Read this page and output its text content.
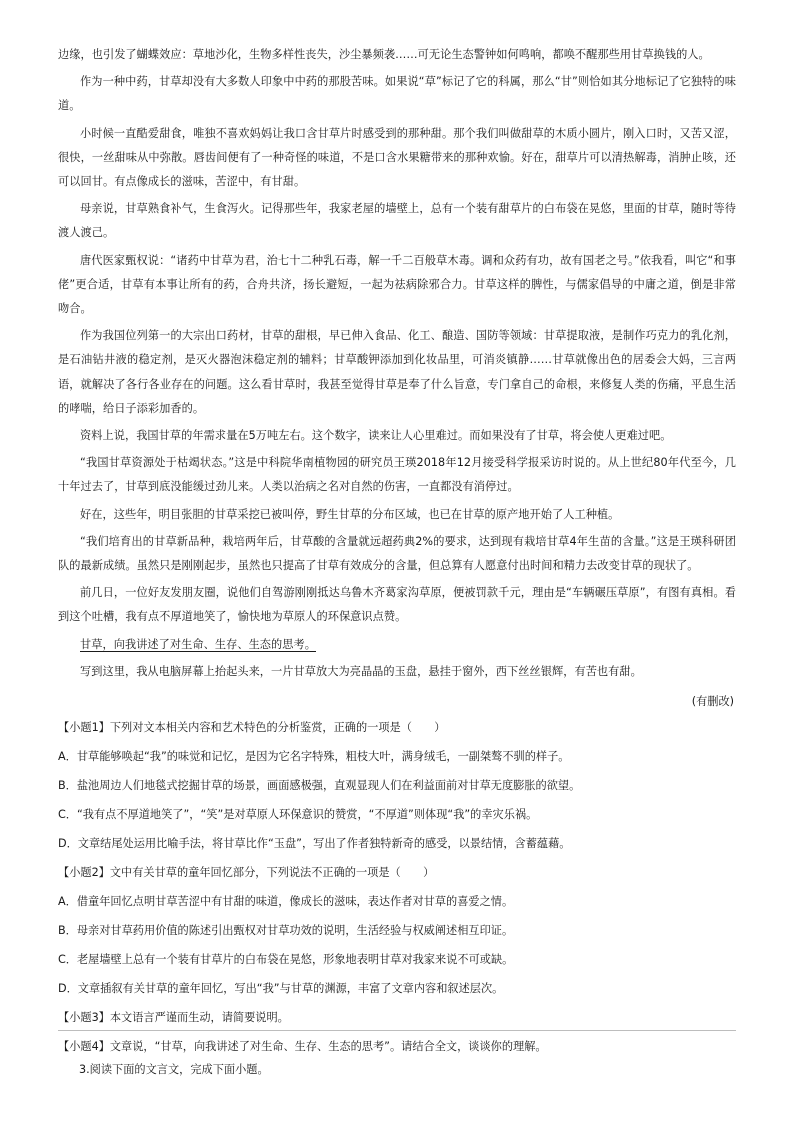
边缘，也引发了蝴蝶效应：草地沙化，生物多样性丧失，沙尘暴频袭……可无论生态警钟如何鸣响，都唤不醒那些用甘草换钱的人。

作为一种中药，甘草却没有大多数人印象中中药的那股苦味。如果说“草”标记了它的科属，那么“甘”则恰如其分地标记了它独特的味道。

小时候一直酷爱甜食，唯独不喜欢妈妈让我口含甘草片时感受到的那种甜。那个我们叫做甜草的木质小圆片，刚入口时，又苦又涩，很快，一丝甜味从中弥散。唇齿间便有了一种奇怪的味道，不是口含水果糖带来的那种欢愉。好在，甜草片可以清热解毒，消肿止咳，还可以回甘。有点像成长的滋味，苦涩中，有甘甜。

母亲说，甘草熟食补气，生食泻火。记得那些年，我家老屋的墙壁上，总有一个装有甜草片的白布袋在晃悠，里面的甘草，随时等待渡人渡己。

唐代医家甄权说：“诸药中甘草为君，治七十二种乳石毒，解一千二百般草木毒。调和众药有功，故有国老之号。”依我看，叫它“和事佬”更合适，甘草有本事让所有的药，合舟共济，扬长避短，一起为祛病除邪合力。甘草这样的脾性，与儒家倡导的中庸之道，倒是非常吻合。

作为我国位列第一的大宗出口药材，甘草的甜根，早已伸入食品、化工、酿造、国防等领域：甘草提取液，是制作巧克力的乳化剂，是石油钻井液的稳定剂，是灭火器泡沫稳定剂的辅料；甘草酸钾添加到化妆品里，可消炎镇静……甘草就像出色的居委会大妈，三言两语，就解决了各行各业存在的问题。这么看甘草时，我甚至觉得甘草是奉了什么旨意，专门拿自己的命根，来修复人类的伤痛，平息生活的哮喘，给日子添彩加香的。

资料上说，我国甘草的年需求量在5万吨左右。这个数字，读来让人心里难过。而如果没有了甘草，将会使人更难过吧。

“我国甘草资源处于枯竭状态。”这是中科院华南植物园的研究员王瑛2018年12月接受科学报采访时说的。从上世纪80年代至今，几十年过去了，甘草到底没能缓过劲儿来。人类以治病之名对自然的伤害，一直都没有消停过。

好在，这些年，明目张胆的甘草采挖已被叫停，野生甘草的分布区域，也已在甘草的原产地开始了人工种植。

“我们培育出的甘草新品种，栽培两年后，甘草酸的含量就远超药典2%的要求，达到现有栽培甘草4年生苗的含量。”这是王瑛科研团队的最新成绩。虽然只是刚刚起步，虽然也只提高了甘草有效成分的含量，但总算有人愿意付出时间和精力去改变甘草的现状了。

前几日，一位好友发朋友圈，说他们自驾游刚刚抵达乌鲁木齐葛家沟草原，便被罚款千元，理由是“车辆碾压草原”，有图有真相。看到这个吐槽，我有点不厚道地笑了，愉快地为草原人的环保意识点赞。

甘草，向我讲述了对生命、生存、生态的思考。

写到这里，我从电脑屏幕上抬起头来，一片甘草放大为亮晶晶的玉盘，悬挂于窗外，西下丝丝银辉，有苦也有甜。

(有删改)

【小题1】下列对文本相关内容和艺术特色的分析鉴赏，正确的一项是（　　）

A．甘草能够唤起“我”的味觉和记忆，是因为它名字特殊，粗枝大叶，满身绒毛，一副桀骜不驯的样子。

B．盐池周边人们地毯式挖掘甘草的场景，画面感极强，直观显现人们在利益面前对甘草无度膨胀的欲望。

C．“我有点不厚道地笑了”，“笑”是对草原人环保意识的赞赏，“不厚道”则体现“我”的幸灾乐祸。

D．文章结尾处运用比喻手法，将甘草比作“玉盘”，写出了作者独特新奇的感受，以景结情，含蓄蕴藉。

【小题2】文中有关甘草的童年回忆部分，下列说法不正确的一项是（　　）

A．借童年回忆点明甘草苦涩中有甘甜的味道，像成长的滋味，表达作者对甘草的喜爱之情。

B．母亲对甘草药用价值的陈述引出甄权对甘草功效的说明，生活经验与权威阐述相互印证。

C．老屋墙壁上总有一个装有甘草片的白布袋在晃悠，形象地表明甘草对我家来说不可或缺。

D．文章插叙有关甘草的童年回忆，写出“我”与甘草的渊源，丰富了文章内容和叙述层次。

【小题3】本文语言严谨而生动，请简要说明。

【小题4】文章说，“甘草，向我讲述了对生命、生存、生态的思考”。请结合全文，谈谈你的理解。

3.阅读下面的文言文，完成下面小题。
